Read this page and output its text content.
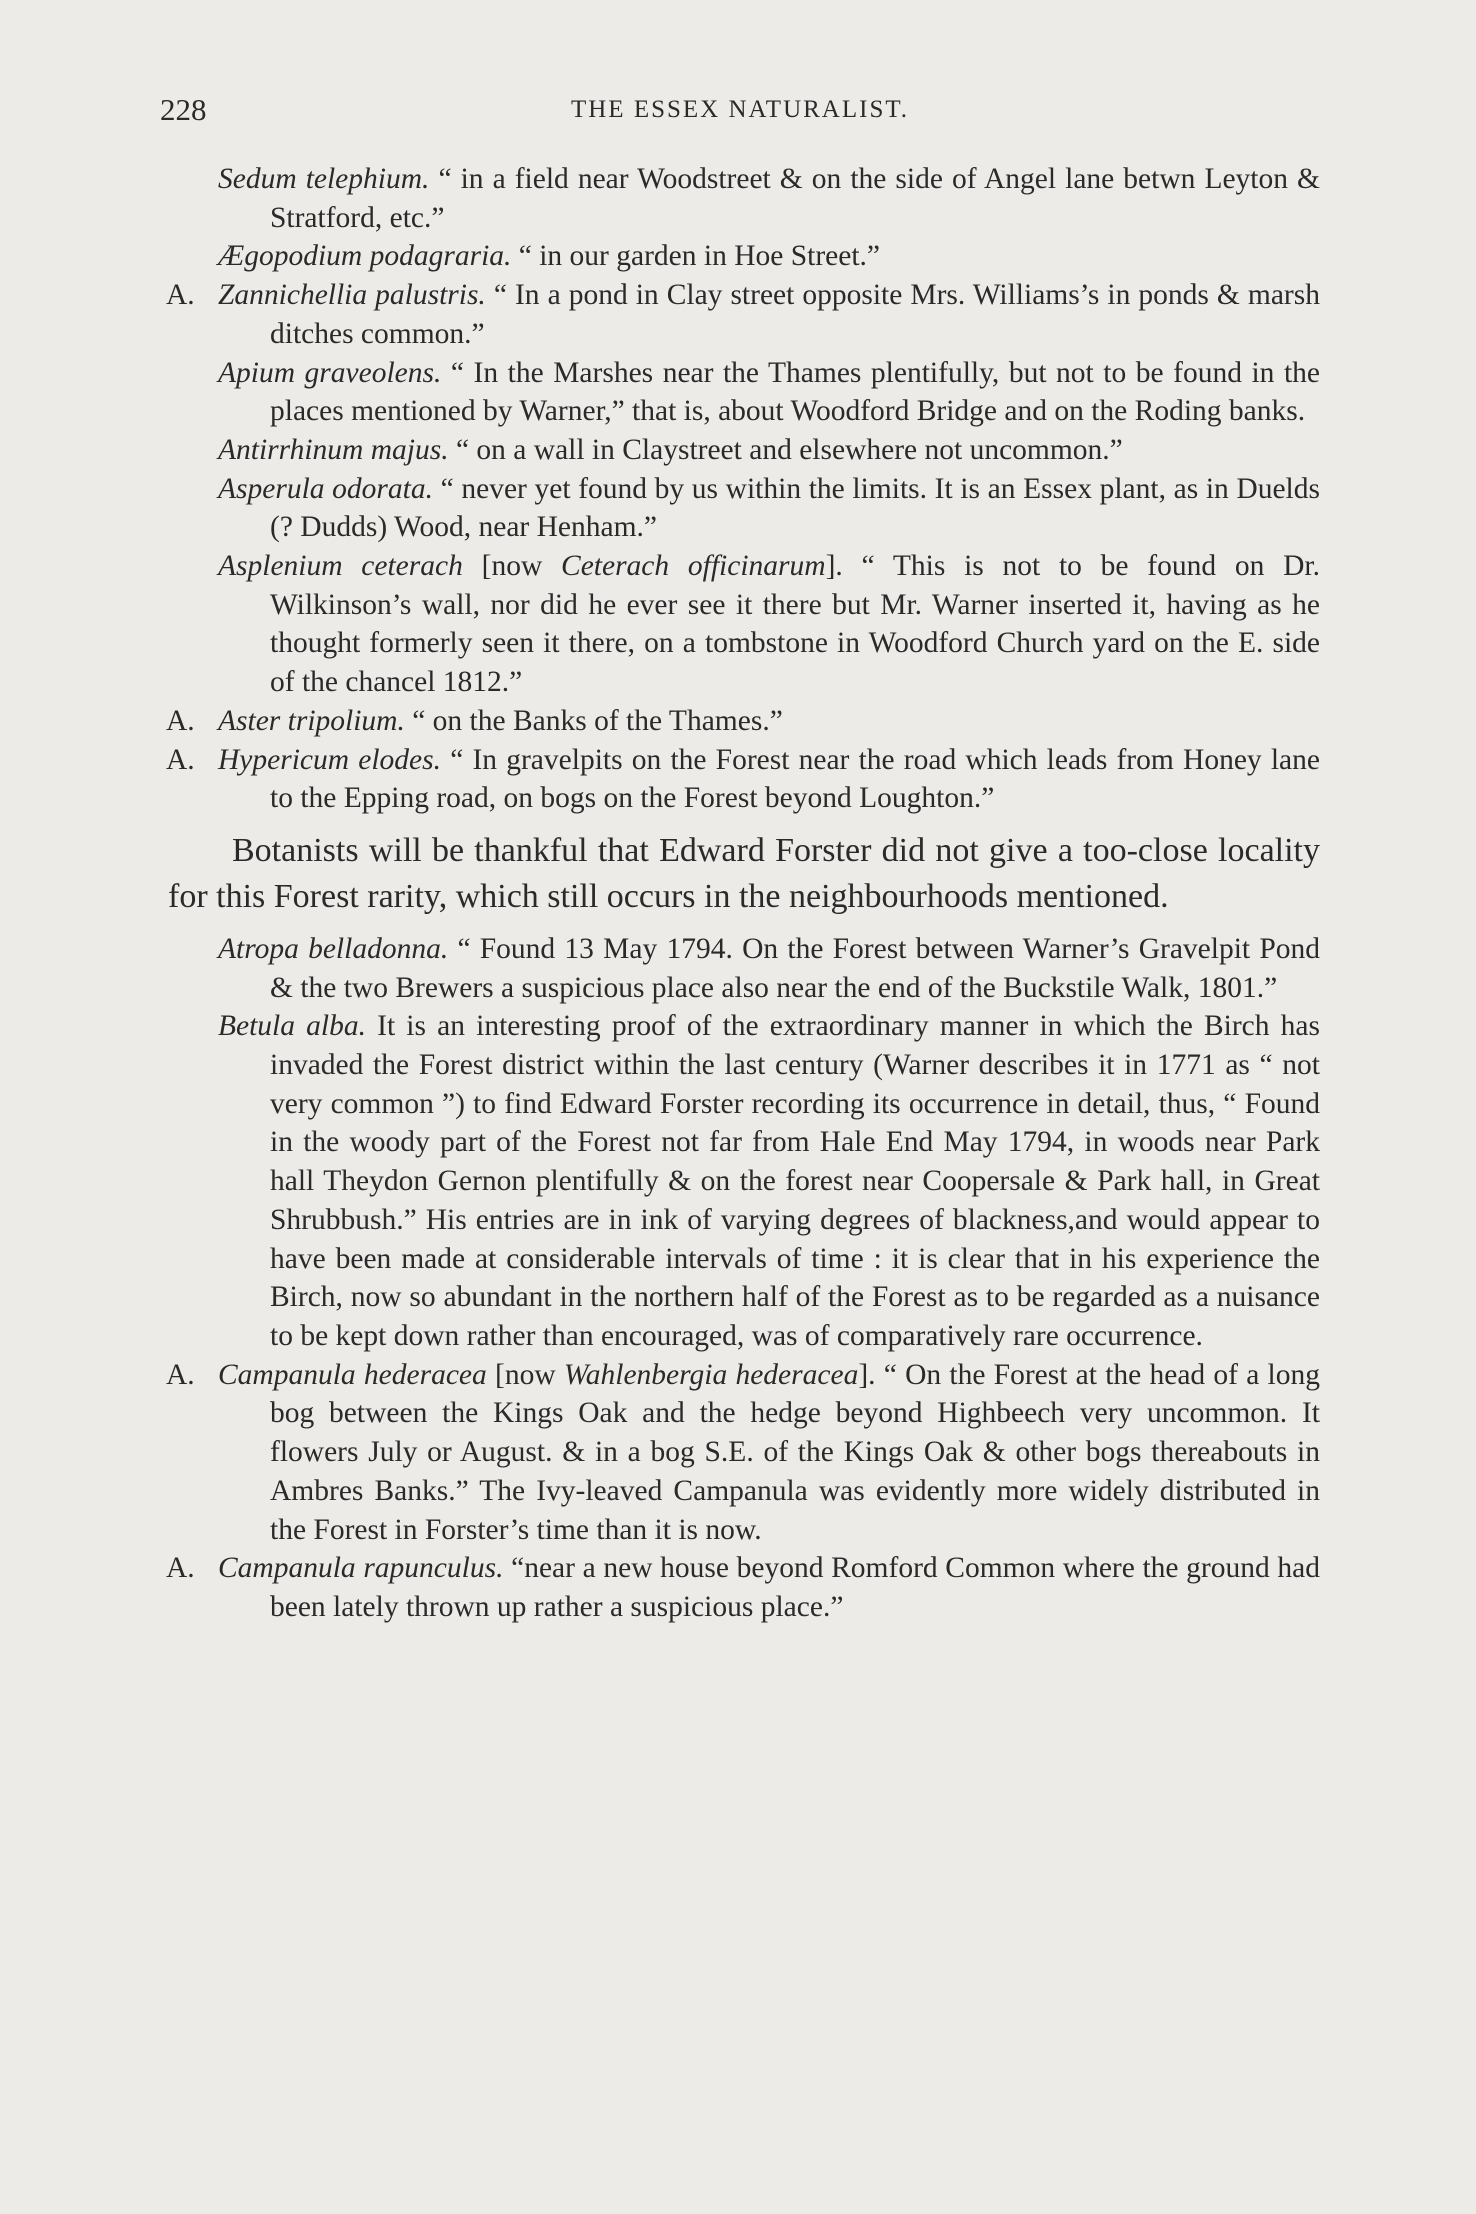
228	THE ESSEX NATURALIST.

Sedum telephium. “ in a field near Woodstreet & on the side of Angel lane betwn Leyton & Stratford, etc.”

Ægopodium podagraria. “ in our garden in Hoe Street.”

A. Zannichellia palustris. “ In a pond in Clay street opposite Mrs. Williams’s in ponds & marsh ditches common.”

Apium graveolens. “ In the Marshes near the Thames plentifully, but not to be found in the places mentioned by Warner,” that is, about Woodford Bridge and on the Roding banks.

Antirrhinum majus. “ on a wall in Claystreet and elsewhere not uncommon.”

Asperula odorata. “ never yet found by us within the limits. It is an Essex plant, as in Duelds (? Dudds) Wood, near Henham.”

Asplenium ceterach [now Ceterach officinarum]. “ This is not to be found on Dr. Wilkinson’s wall, nor did he ever see it there but Mr. Warner inserted it, having as he thought formerly seen it there, on a tombstone in Woodford Church yard on the E. side of the chancel 1812.”

A. Aster tripolium. “ on the Banks of the Thames.”

A. Hypericum elodes. “ In gravelpits on the Forest near the road which leads from Honey lane to the Epping road, on bogs on the Forest beyond Loughton.”

Botanists will be thankful that Edward Forster did not give a too-close locality for this Forest rarity, which still occurs in the neighbourhoods mentioned.

Atropa belladonna. “ Found 13 May 1794. On the Forest between Warner’s Gravelpit Pond & the two Brewers a suspicious place also near the end of the Buckstile Walk, 1801.”

Betula alba. It is an interesting proof of the extraordinary manner in which the Birch has invaded the Forest district within the last century (Warner describes it in 1771 as “ not very common ”) to find Edward Forster recording its occurrence in detail, thus, “ Found in the woody part of the Forest not far from Hale End May 1794, in woods near Park hall Theydon Gernon plentifully & on the forest near Coopersale & Park hall, in Great Shrubbush.” His entries are in ink of varying degrees of blackness,and would appear to have been made at considerable intervals of time : it is clear that in his experience the Birch, now so abundant in the northern half of the Forest as to be regarded as a nuisance to be kept down rather than encouraged, was of comparatively rare occurrence.

A. Campanula hederacea [now Wahlenbergia hederacea]. “ On the Forest at the head of a long bog between the Kings Oak and the hedge beyond Highbeech very uncommon. It flowers July or August. & in a bog S.E. of the Kings Oak & other bogs thereabouts in Ambres Banks.” The Ivy-leaved Campanula was evidently more widely distributed in the Forest in Forster’s time than it is now.

A. Campanula rapunculus. “near a new house beyond Romford Common where the ground had been lately thrown up rather a suspicious place.”
